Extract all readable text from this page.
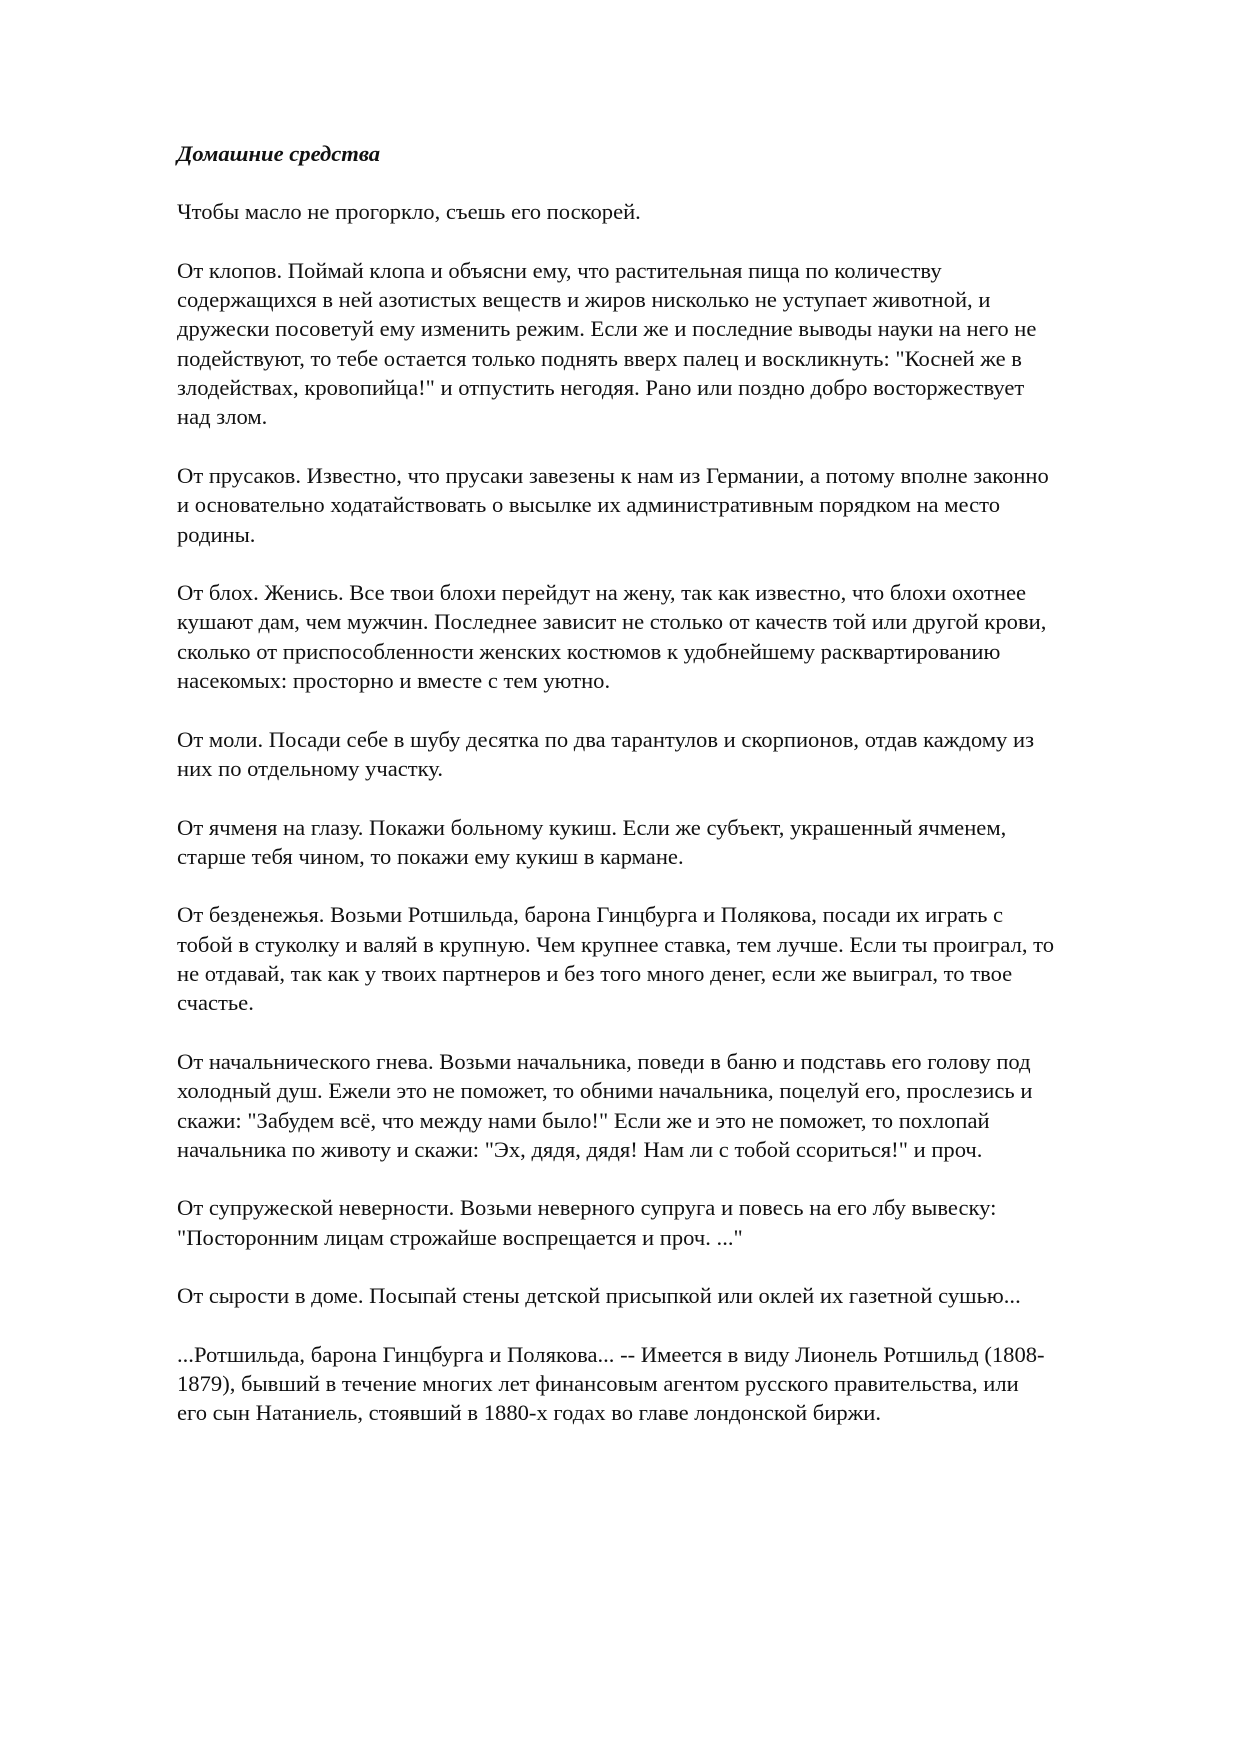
Домашние средства
Чтобы масло не прогоркло, съешь его поскорей.
От клопов. Поймай клопа и объясни ему, что растительная пища по количеству
содержащихся в ней азотистых веществ и жиров нисколько не уступает животной, и
дружески посоветуй ему изменить режим. Если же и последние выводы науки на него не
подействуют, то тебе остается только поднять вверх палец и воскликнуть: "Косней же в
злодействах, кровопийца!" и отпустить негодяя. Рано или поздно добро восторжествует
над злом.
От прусаков. Известно, что прусаки завезены к нам из Германии, а потому вполне законно
и основательно ходатайствовать о высылке их административным порядком на место
родины.
От блох. Женись. Все твои блохи перейдут на жену, так как известно, что блохи охотнее
кушают дам, чем мужчин. Последнее зависит не столько от качеств той или другой крови,
сколько от приспособленности женских костюмов к удобнейшему расквартированию
насекомых: просторно и вместе с тем уютно.
От моли. Посади себе в шубу десятка по два тарантулов и скорпионов, отдав каждому из
них по отдельному участку.
От ячменя на глазу. Покажи больному кукиш. Если же субъект, украшенный ячменем,
старше тебя чином, то покажи ему кукиш в кармане.
От безденежья. Возьми Ротшильда, барона Гинцбурга и Полякова, посади их играть с
тобой в стуколку и валяй в крупную. Чем крупнее ставка, тем лучше. Если ты проиграл, то
не отдавай, так как у твоих партнеров и без того много денег, если же выиграл, то твое
счастье.
От начальнического гнева. Возьми начальника, поведи в баню и подставь его голову под
холодный душ. Ежели это не поможет, то обними начальника, поцелуй его, прослезись и
скажи: "Забудем всё, что между нами было!" Если же и это не поможет, то похлопай
начальника по животу и скажи: "Эх, дядя, дядя! Нам ли с тобой ссориться!" и проч.
От супружеской неверности. Возьми неверного супруга и повесь на его лбу вывеску:
"Посторонним лицам строжайше воспрещается и проч. ..."
От сырости в доме. Посыпай стены детской присыпкой или оклей их газетной сушью...
...Ротшильда, барона Гинцбурга и Полякова... -- Имеется в виду Лионель Ротшильд (1808-
1879), бывший в течение многих лет финансовым агентом русского правительства, или
его сын Натаниель, стоявший в 1880-х годах во главе лондонской биржи.
